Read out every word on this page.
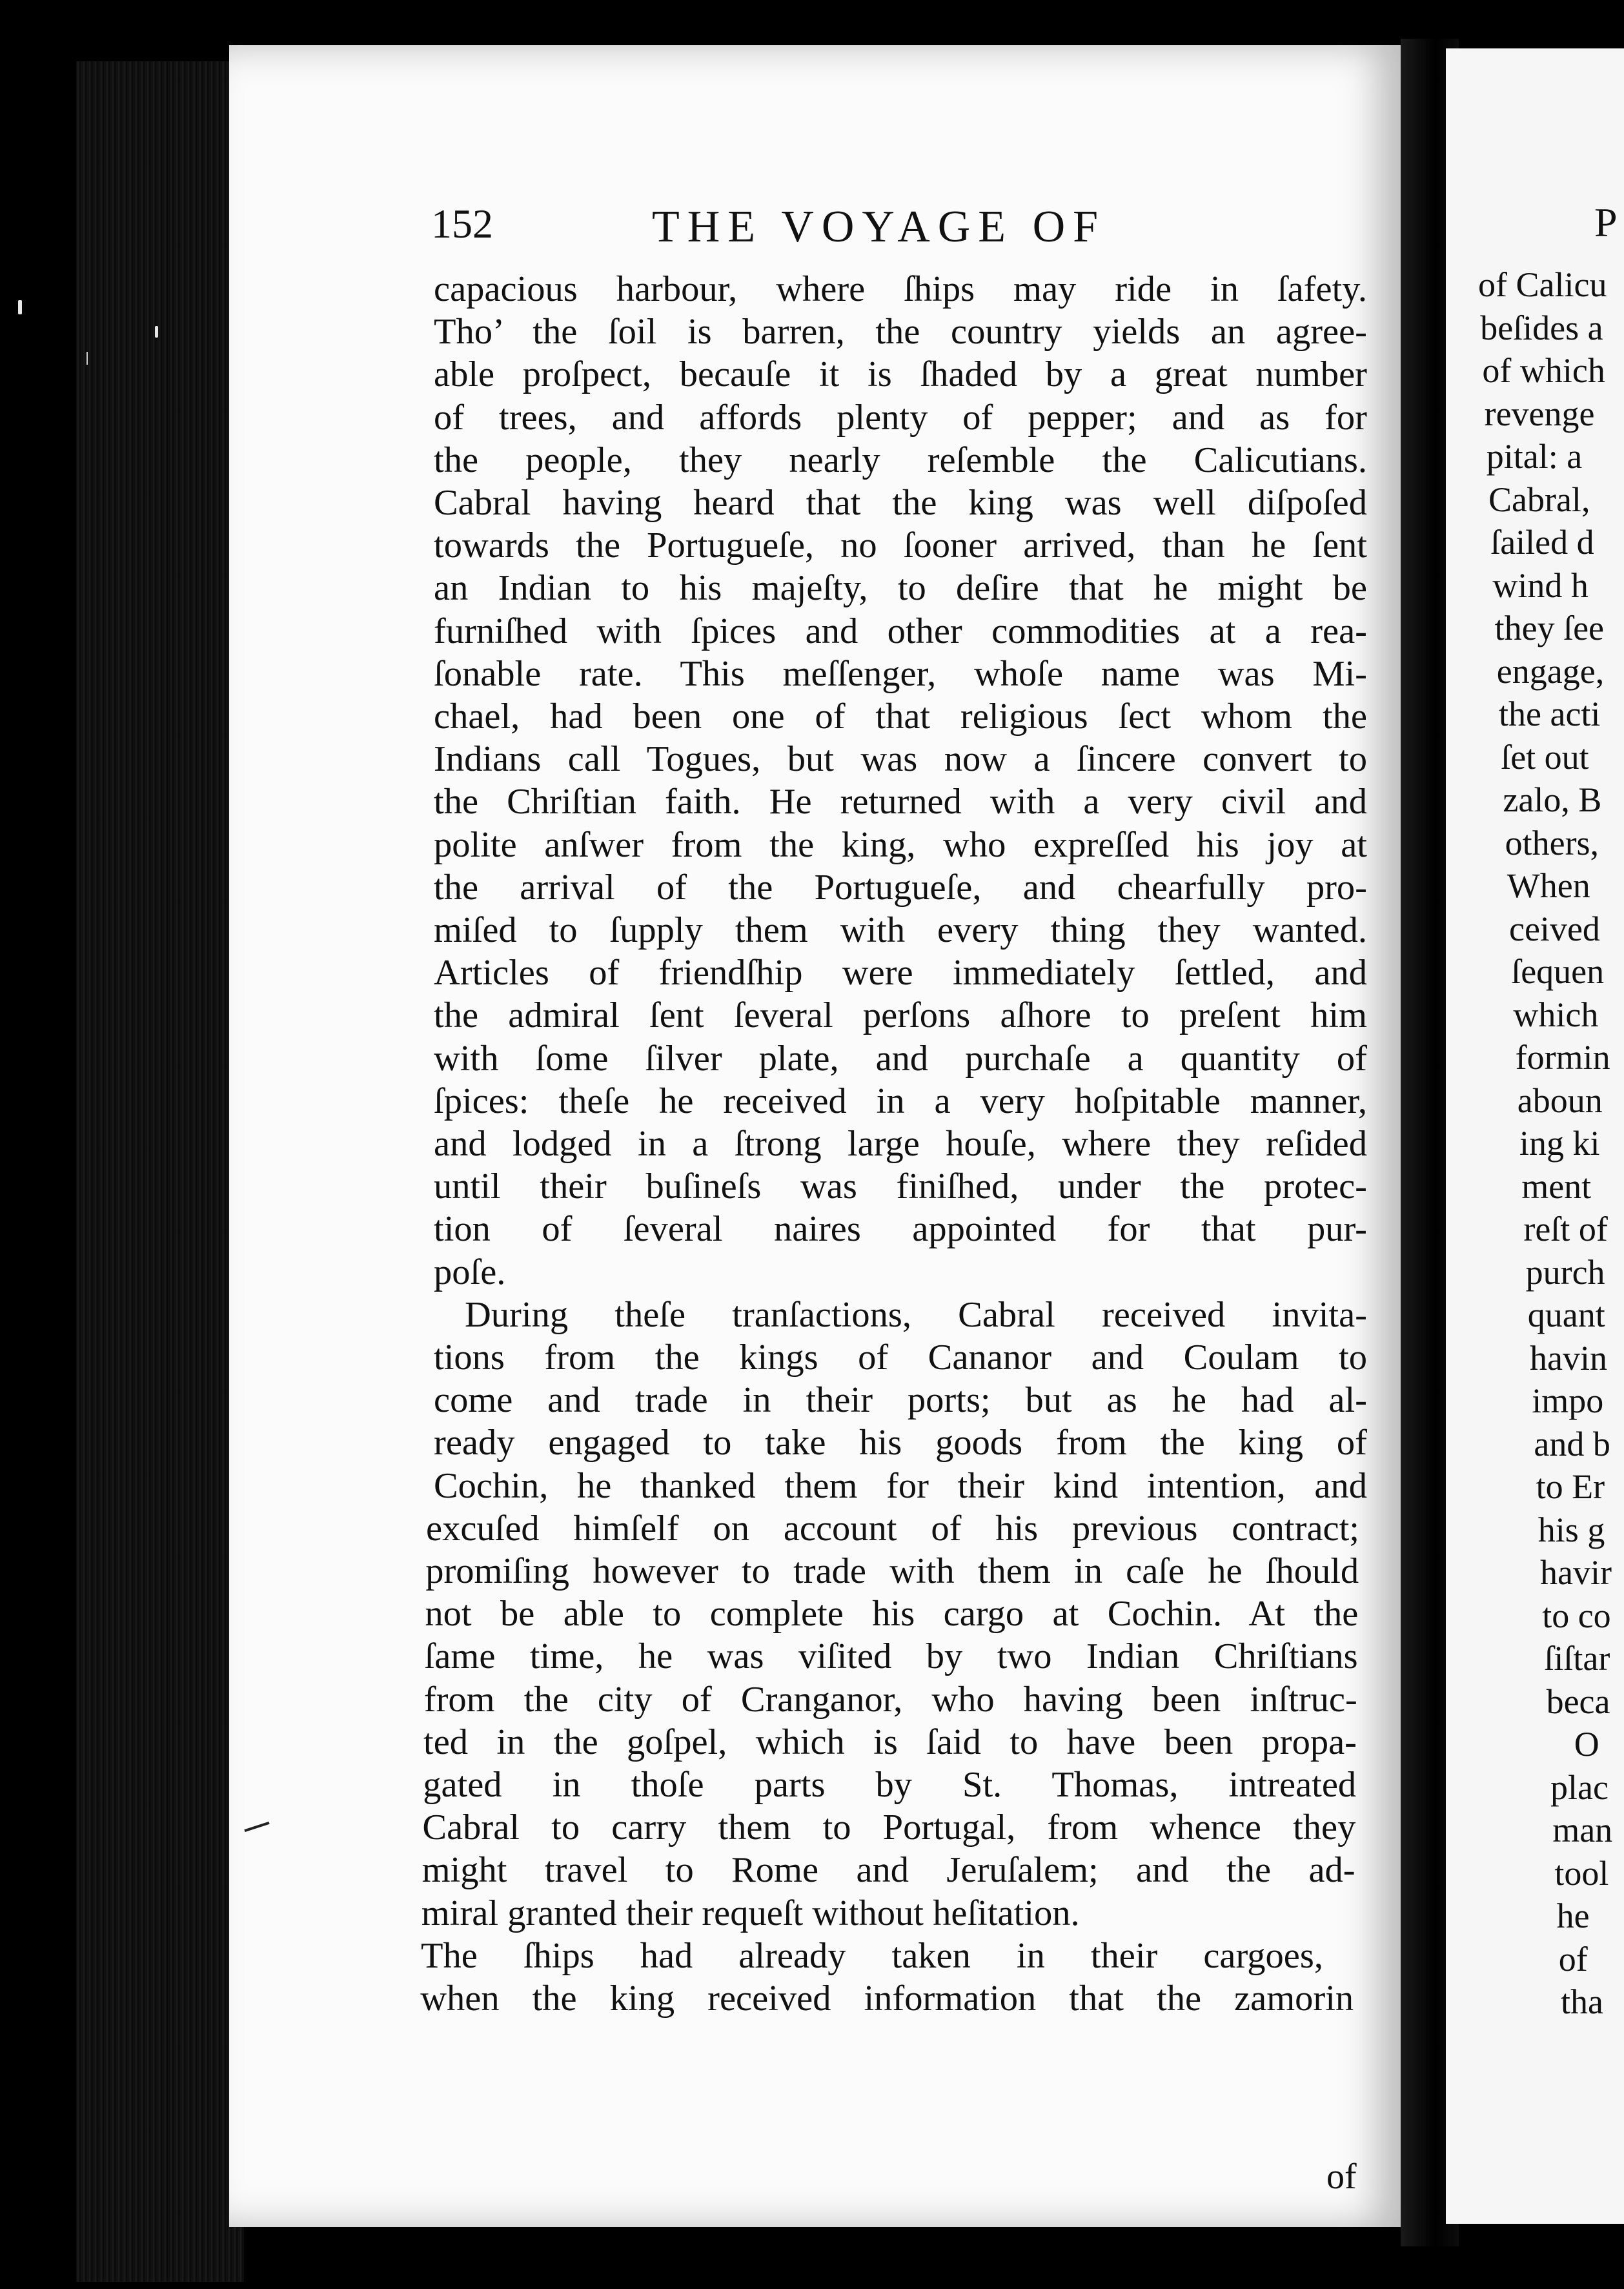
152	THE VOYAGE OF
capacious harbour, where ſhips may ride in ſafety.
Tho’ the ſoil is barren, the country yields an agree-
able proſpect, becauſe it is ſhaded by a great number
of trees, and affords plenty of pepper; and as for
the people, they nearly reſemble the Calicutians.
Cabral having heard that the king was well diſpoſed
towards the Portugueſe, no ſooner arrived, than he ſent
an Indian to his majeſty, to deſire that he might be
furniſhed with ſpices and other commodities at a rea-
ſonable rate. This meſſenger, whoſe name was Mi-
chael, had been one of that religious ſect whom the
Indians call Togues, but was now a ſincere convert to
the Chriſtian faith. He returned with a very civil and
polite anſwer from the king, who expreſſed his joy at
the arrival of the Portugueſe, and chearfully pro-
miſed to ſupply them with every thing they wanted.
Articles of friendſhip were immediately ſettled, and
the admiral ſent ſeveral perſons aſhore to preſent him
with ſome ſilver plate, and purchaſe a quantity of
ſpices: theſe he received in a very hoſpitable manner,
and lodged in a ſtrong large houſe, where they reſided
until their buſineſs was finiſhed, under the protec-
tion of ſeveral naires appointed for that pur-
poſe.
During theſe tranſactions, Cabral received invita-
tions from the kings of Cananor and Coulam to
come and trade in their ports; but as he had al-
ready engaged to take his goods from the king of
Cochin, he thanked them for their kind intention, and
excuſed himſelf on account of his previous contract;
promiſing however to trade with them in caſe he ſhould
not be able to complete his cargo at Cochin. At the
ſame time, he was viſited by two Indian Chriſtians
from the city of Cranganor, who having been inſtruc-
ted in the goſpel, which is ſaid to have been propa-
gated in thoſe parts by St. Thomas, intreated
Cabral to carry them to Portugal, from whence they
might travel to Rome and Jeruſalem; and the ad-
miral granted their requeſt without heſitation.
The ſhips had already taken in their cargoes,
when the king received information that the zamorin
of
P
of Calicu
beſides a
of which
revenge
pital: a
Cabral,
ſailed d
wind h
they ſee
engage,
the acti
ſet out
zalo, B
others,
When
ceived
ſequen
which
formin
aboun
ing ki
ment
reſt of
purch
quant
havin
impo
and b
to Er
his g
havir
to co
ſiſtar
beca
O
plac
man
tool
he
of
tha
